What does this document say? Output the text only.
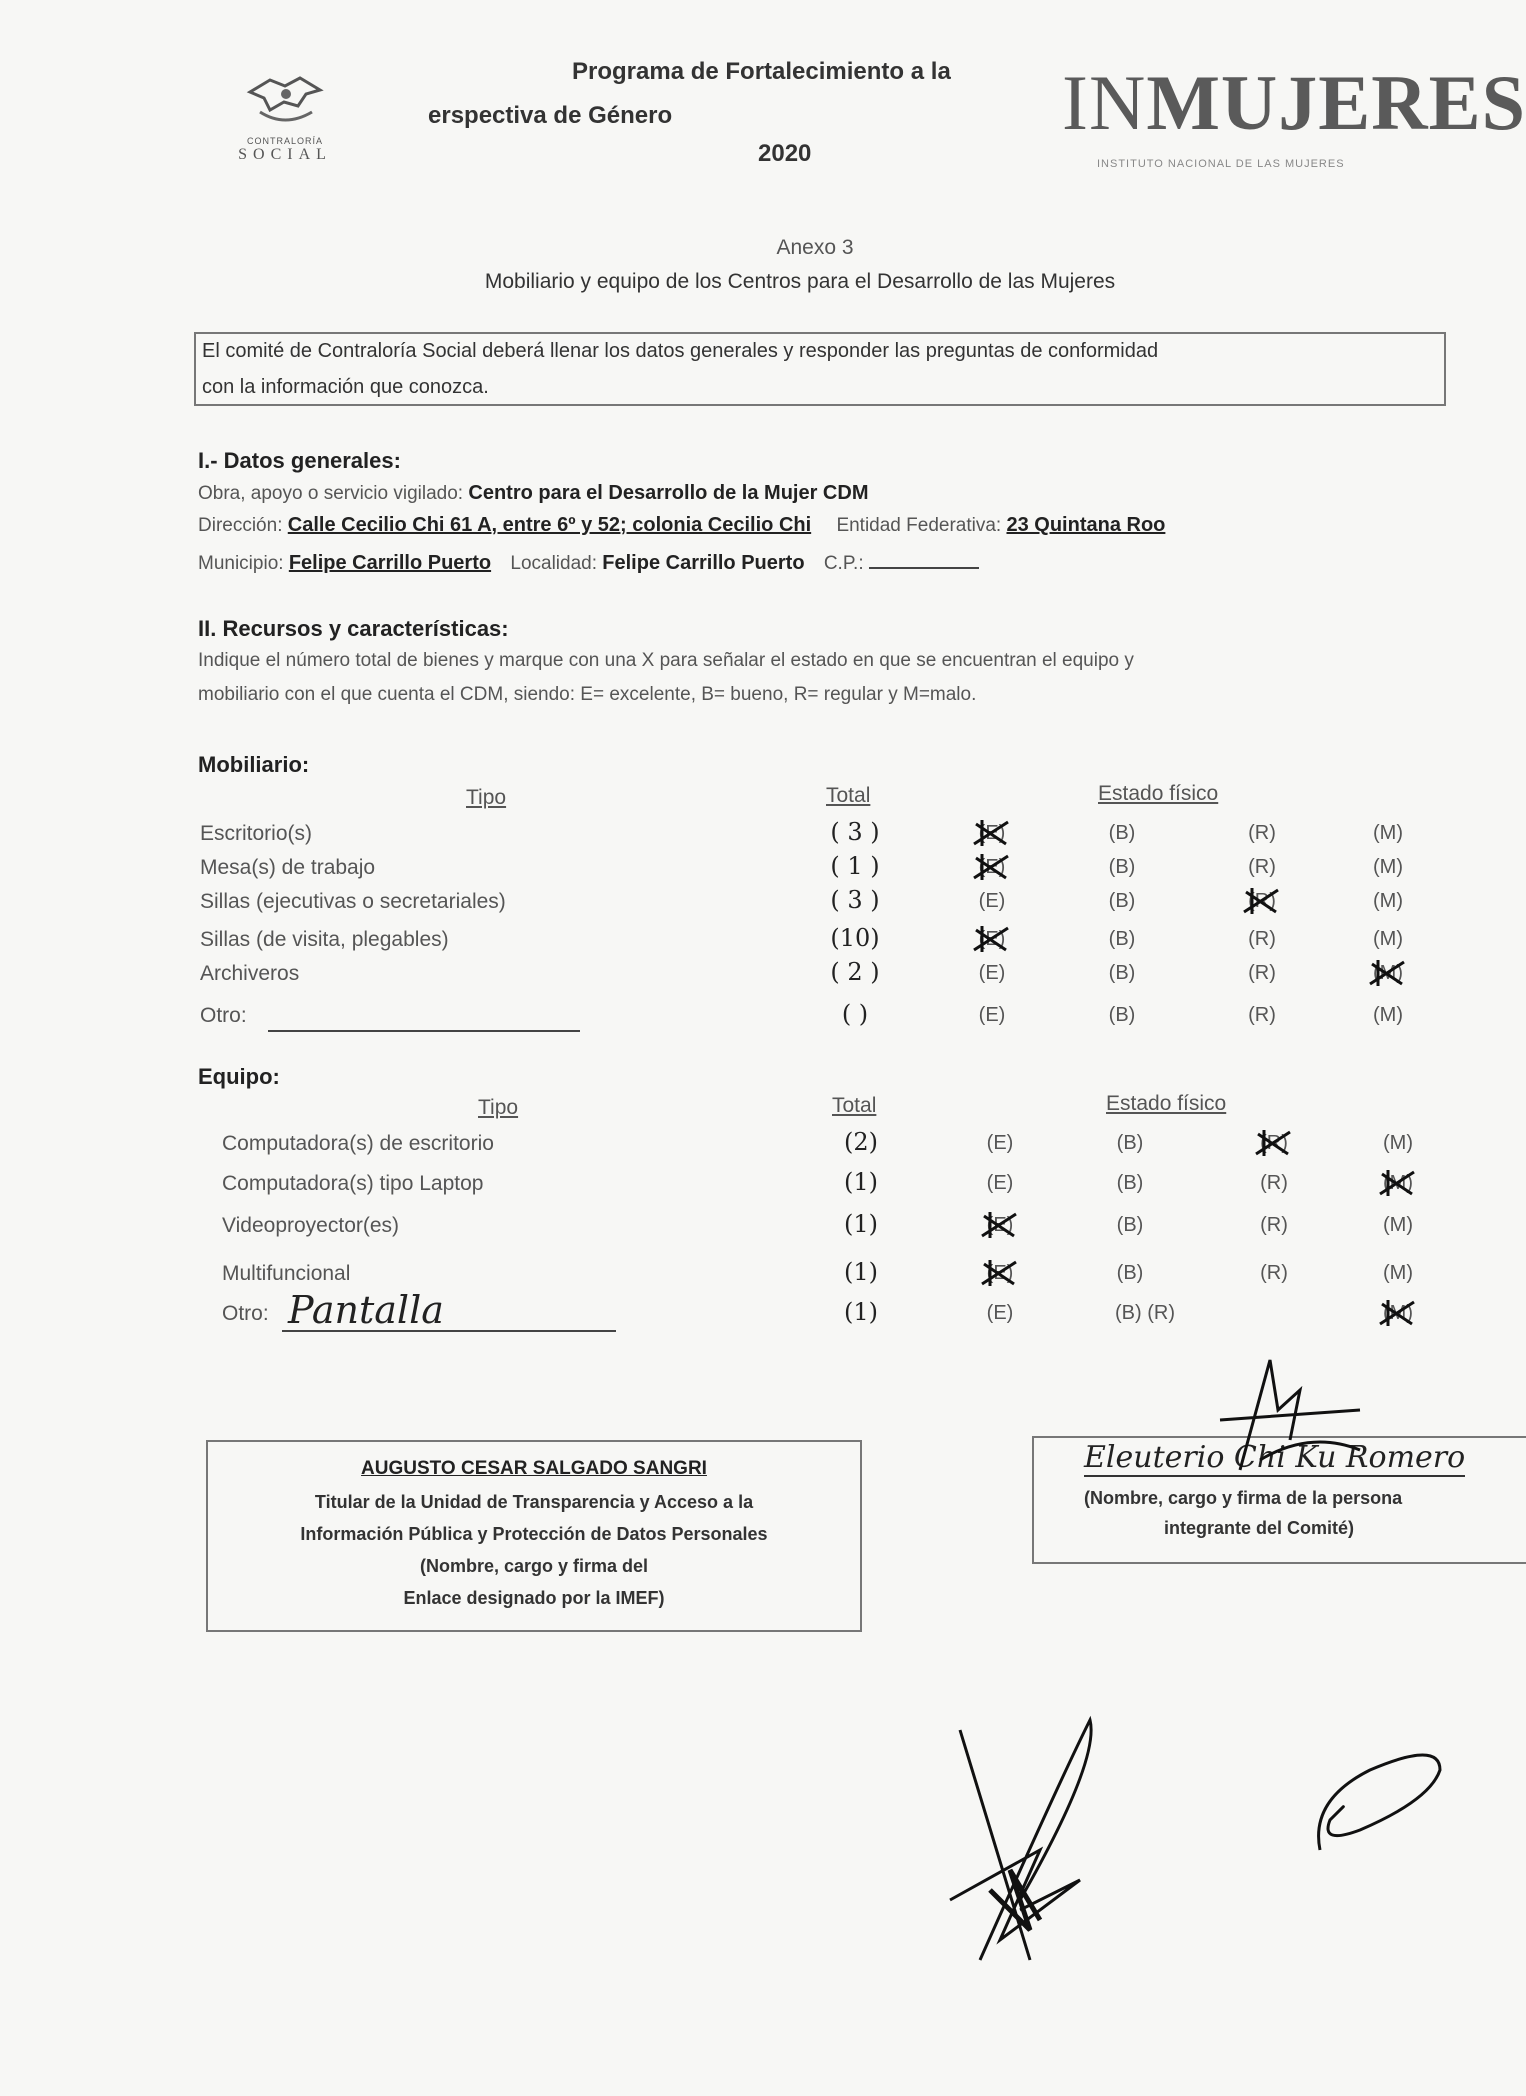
CONTRALORÍA
SOCIAL
Programa de Fortalecimiento a la
erspectiva de Género
2020
INMUJERES
INSTITUTO NACIONAL DE LAS MUJERES
Anexo 3
Mobiliario y equipo de los Centros para el Desarrollo de las Mujeres
El comité de Contraloría Social deberá llenar los datos generales y responder las preguntas de conformidad
con la información que conozca.
I.- Datos generales:
Obra, apoyo o servicio vigilado: Centro para el Desarrollo de la Mujer CDM
Dirección: Calle Cecilio Chi 61 A, entre 6º y 52; colonia Cecilio Chi Entidad Federativa: 23 Quintana Roo
Municipio: Felipe Carrillo Puerto Localidad: Felipe Carrillo Puerto C.P.:
II. Recursos y características:
Indique el número total de bienes y marque con una X para señalar el estado en que se encuentran el equipo y
mobiliario con el que cuenta el CDM, siendo: E= excelente, B= bueno, R= regular y M=malo.
Mobiliario:
Tipo	Total	Estado físico
Escritorio(s)	( 3 )	(E)	(B)	(R)	(M)
Mesa(s) de trabajo	( 1 )	(E)	(B)	(R)	(M)
Sillas (ejecutivas o secretariales)	( 3 )	(E)	(B)	(R)	(M)
Sillas (de visita, plegables)	(10)	(E)	(B)	(R)	(M)
Archiveros	( 2 )	(E)	(B)	(R)	(M)
Otro:	( )	(E)	(B)	(R)	(M)
Equipo:
Tipo	Total	Estado físico
Computadora(s) de escritorio	(2)	(E)	(B)	(R)	(M)
Computadora(s) tipo Laptop	(1)	(E)	(B)	(R)	(M)
Videoproyector(es)	(1)	(E)	(B)	(R)	(M)
Multifuncional	(1)	(E)	(B)	(R)	(M)
Otro:	(1)	(E)	(B) (R)	(M)
Pantalla
AUGUSTO CESAR SALGADO SANGRI
Titular de la Unidad de Transparencia y Acceso a la
Información Pública y Protección de Datos Personales
(Nombre, cargo y firma del
Enlace designado por la IMEF)
Eleuterio Chi Ku Romero
(Nombre, cargo y firma de la persona
integrante del Comité)
